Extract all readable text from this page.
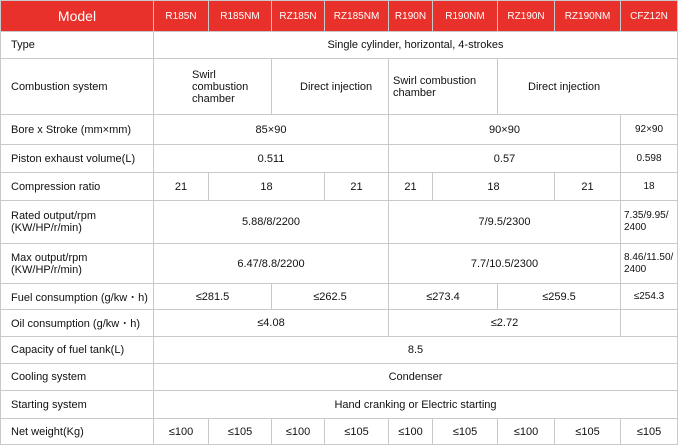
Model	R185N	R185NM	RZ185N	RZ185NM	R190N	R190NM	RZ190N	RZ190NM	CFZ12N
Type	Single cylinder, horizontal, 4-strokes								
Combustion system	Swirl combustion chamber		Direct injection		Swirl combustion chamber		Direct injection		
Bore x Stroke (mm×mm)	85×90				90×90				92×90
Piston exhaust volume(L)	0.511				0.57				0.598
Compression ratio	21	18		21	21	18		21	18
Rated output/rpm (KW/HP/r/min)	5.88/8/2200				7/9.5/2300				7.35/9.95/ 2400
Max output/rpm (KW/HP/r/min)	6.47/8.8/2200				7.7/10.5/2300				8.46/11.50/ 2400
Fuel consumption (g/kw・h)	≤281.5		≤262.5		≤273.4		≤259.5		≤254.3
Oil consumption (g/kw・h)	≤4.08				≤2.72				
Capacity of fuel tank(L)	8.5								
Cooling system	Condenser								
Starting system	Hand cranking or Electric starting								
Net weight(Kg)	≤100	≤105	≤100	≤105	≤100	≤105	≤100	≤105	≤105
